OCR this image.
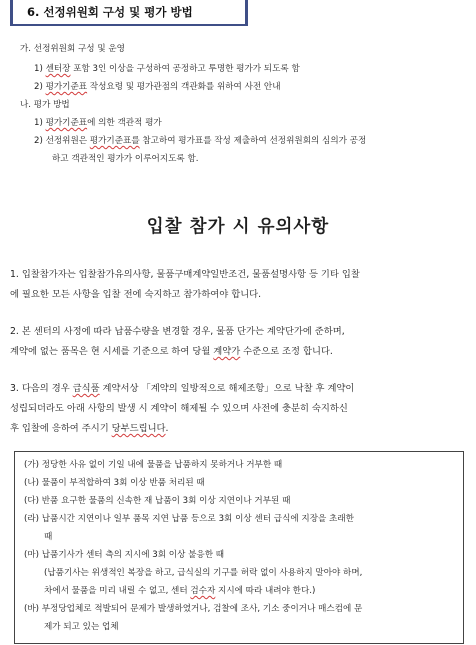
6. 선정위원회 구성 및 평가 방법
가. 선정위원회 구성 및 운영
1) 센터장 포함 3인 이상을 구성하여 공정하고 투명한 평가가 되도록 함
2) 평가기준표 작성요령 및 평가관점의 객관화를 위하여 사전 안내
나. 평가 방법
1) 평가기준표에 의한 객관적 평가
2) 선정위원은 평가기준표를 참고하여 평가표를 작성 제출하여 선정위원회의 심의가 공정
하고 객관적인 평가가 이루어지도록 함.
입찰 참가 시 유의사항
1. 입찰참가자는 입찰참가유의사항, 물품구매계약일반조건, 물품설명사항 등 기타 입찰
에 필요한 모든 사항을 입찰 전에 숙지하고 참가하여야 합니다.
2. 본 센터의 사정에 따라 납품수량을 변경할 경우, 물품 단가는 계약단가에 준하며,
계약에 없는 품목은 현 시세를 기준으로 하여 당월 계약가 수준으로 조정 합니다.
3. 다음의 경우 급식품 계약서상 「계약의 일방적으로 해제조항」으로 낙찰 후 계약이
성립되더라도 아래 사항의 발생 시 계약이 해제될 수 있으며 사전에 충분히 숙지하신
후 입찰에 응하여 주시기 당부드립니다.
(가) 정당한 사유 없이 기일 내에 물품을 납품하지 못하거나 거부한 때
(나) 물품이 부적합하여 3회 이상 반품 처리된 때
(다) 반품 요구한 물품의 신속한 재 납품이 3회 이상 지연이나 거부된 때
(라) 납품시간 지연이나 일부 품목 지연 납품 등으로 3회 이상 센터 급식에 지장을 초래한
때
(마) 납품기사가 센터 측의 지시에 3회 이상 불응한 때
(납품기사는 위생적인 복장을 하고, 급식실의 기구를 허락 없이 사용하지 말아야 하며,
차에서 물품을 미리 내릴 수 없고, 센터 검수자 지시에 따라 내려야 한다.)
(바) 부정당업체로 적발되어 문제가 발생하였거나, 검찰에 조사, 기소 중이거나 매스컴에 문
제가 되고 있는 업체
